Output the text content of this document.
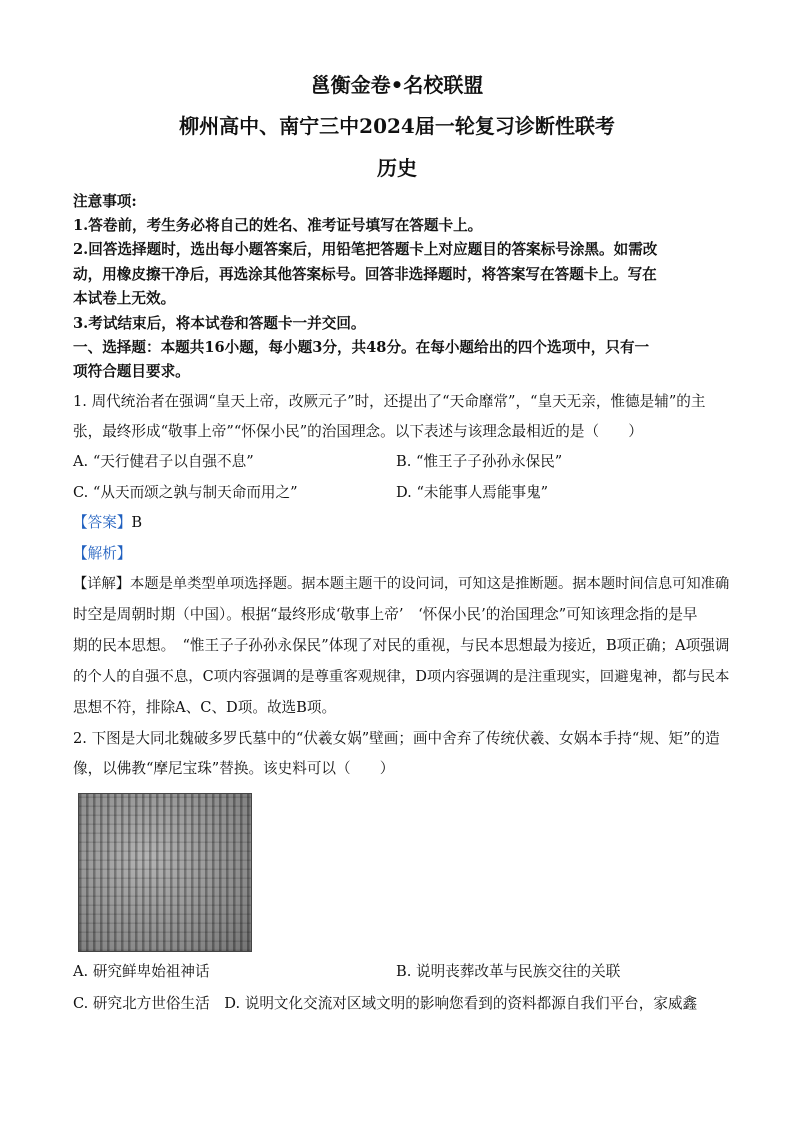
邕衡金卷•名校联盟
柳州高中、南宁三中2024届一轮复习诊断性联考
历史
注意事项:
1.答卷前，考生务必将自己的姓名、准考证号填写在答题卡上。
2.回答选择题时，选出每小题答案后，用铅笔把答题卡上对应题目的答案标号涂黑。如需改
动，用橡皮擦干净后，再选涂其他答案标号。回答非选择题时，将答案写在答题卡上。写在
本试卷上无效。
3.考试结束后，将本试卷和答题卡一并交回。
一、选择题：本题共16小题，每小题3分，共48分。在每小题给出的四个选项中，只有一
项符合题目要求。
1. 周代统治者在强调“皇天上帝，改厥元子”时，还提出了“天命靡常”，“皇天无亲，惟德是辅”的主
张，最终形成“敬事上帝”“怀保小民”的治国理念。以下表述与该理念最相近的是（　　）
A. “天行健君子以自强不息”	B. “惟王子子孙孙永保民”
C. “从天而颂之孰与制天命而用之”	D. “未能事人焉能事鬼”
【答案】B
【解析】
【详解】本题是单类型单项选择题。据本题主题干的设问词，可知这是推断题。据本题时间信息可知准确
时空是周朝时期（中国）。根据“最终形成‘敬事上帝’　‘怀保小民’的治国理念”可知该理念指的是早
期的民本思想。　“惟王子子孙孙永保民”体现了对民的重视，与民本思想最为接近，B项正确；A项强调
的个人的自强不息，C项内容强调的是尊重客观规律，D项内容强调的是注重现实，回避鬼神，都与民本
思想不符，排除A、C、D项。故选B项。
2. 下图是大同北魏破多罗氏墓中的“伏羲女娲”壁画；画中舍弃了传统伏羲、女娲本手持“规、矩”的造
像，以佛教“摩尼宝珠”替换。该史料可以（　　）
A. 研究鲜卑始祖神话	B. 说明丧葬改革与民族交往的关联
C. 研究北方世俗生活　D. 说明文化交流对区域文明的影响您看到的资料都源自我们平台，家威鑫
